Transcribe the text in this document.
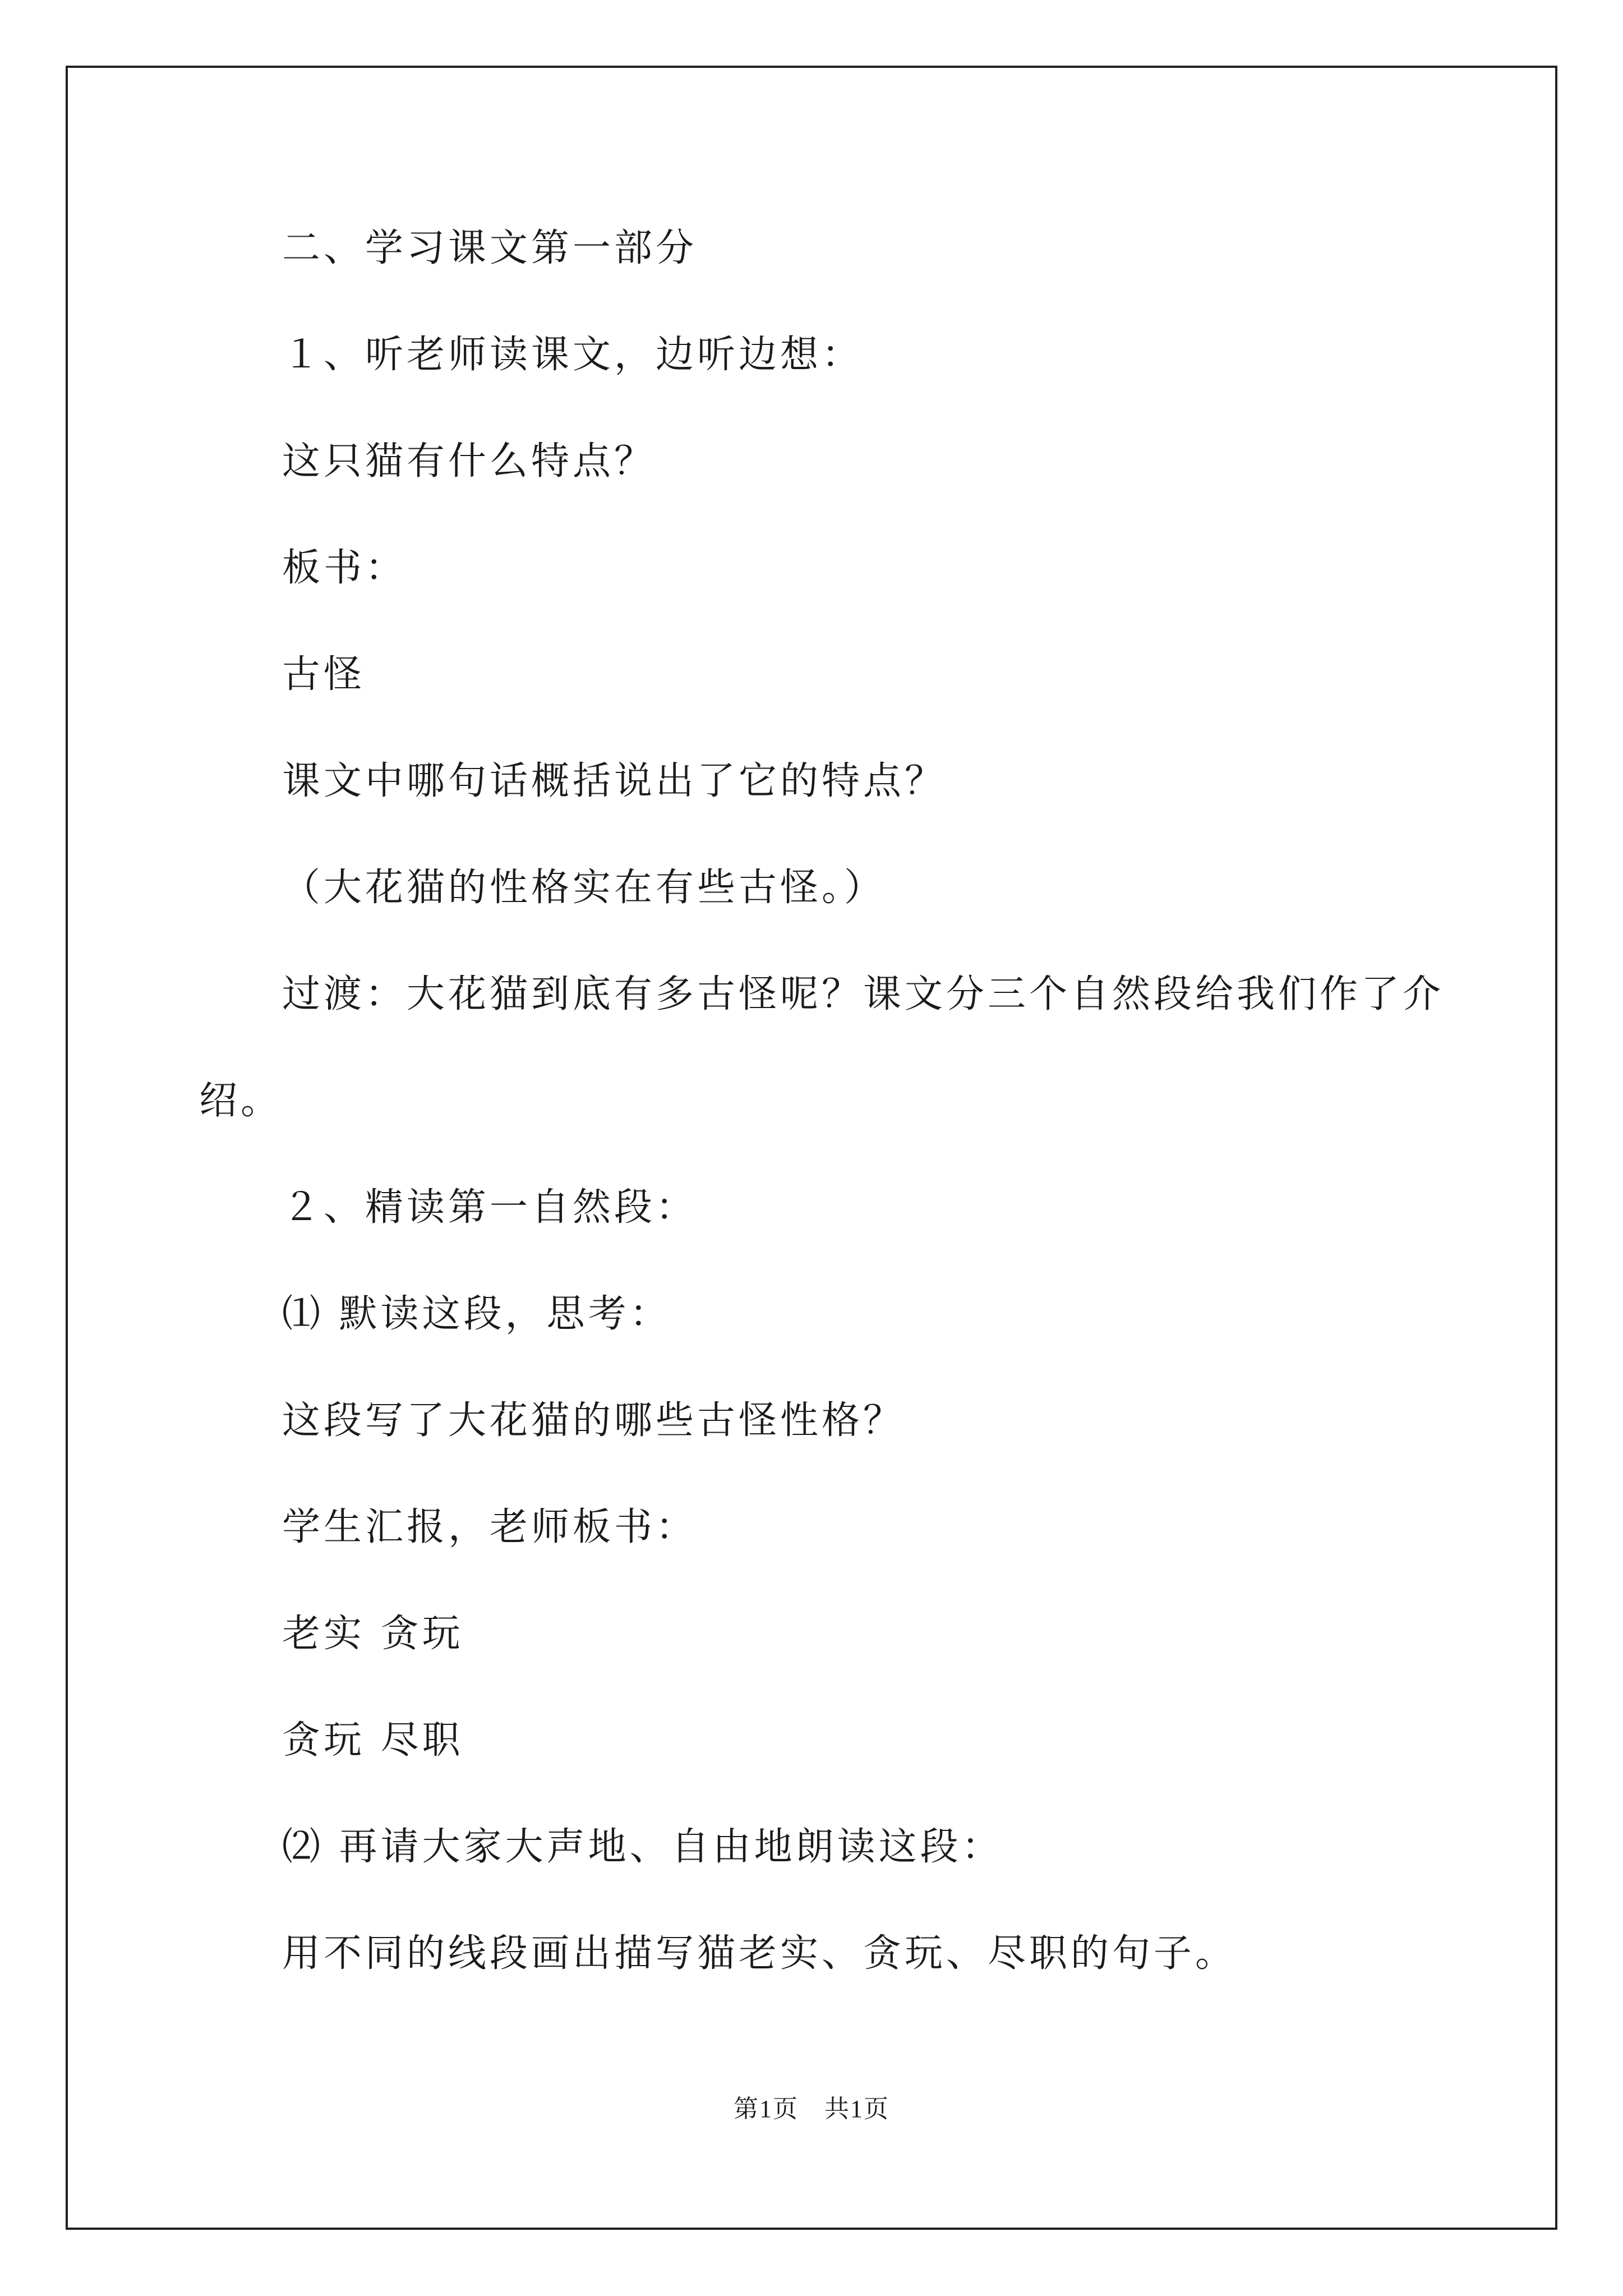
二、学习课文第一部分
１、听老师读课文，边听边想：
这只猫有什么特点？
板书：
古怪
课文中哪句话概括说出了它的特点？
（大花猫的性格实在有些古怪。）
过渡：大花猫到底有多古怪呢？课文分三个自然段给我们作了介
绍。
２、精读第一自然段：
⑴ 默读这段，思考：
这段写了大花猫的哪些古怪性格？
学生汇报，老师板书：
老实 贪玩
贪玩 尽职
⑵ 再请大家大声地、自由地朗读这段：
用不同的线段画出描写猫老实、贪玩、尽职的句子。
第1页　共1页
